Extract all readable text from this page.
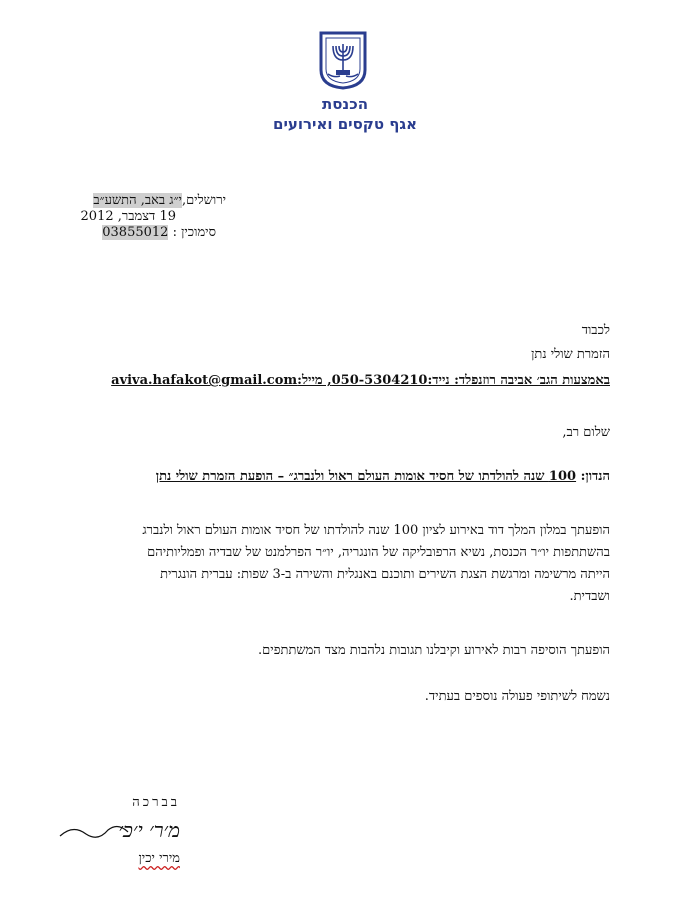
הכנסת
אגף טקסים ואירועים
ירושלים,י״ג באב, התשע״ב
19 דצמבר, 2012
סימוכין : 03855012
לכבוד
הזמרת שולי נתן
באמצעות הגב׳ אביבה רוזנפלד: נייד:050-5304210, מייל:aviva.hafakot@gmail.com
שלום רב,
הנדון: 100 שנה להולדתו של חסיד אומות העולם ראול ולנברג״ – הופעת הזמרת שולי נתן
הופעתך במלון המלך דוד באירוע לציון 100 שנה להולדתו של חסיד אומות העולם ראול ולנברג
בהשתתפות יו״ר הכנסת, נשיא הרפובליקה של הונגריה, יו״ר הפרלמנט של שבדיה ופמליותיהם
הייתה מרשימה ומרגשת הצגת השירים ותוכנם באנגלית והשירה ב-3 שפות: עברית הונגרית
ושבדית.
הופעתך הוסיפה רבות לאירוע וקיבלנו תגובות נלהבות מצד המשתתפים.
נשמח לשיתופי פעולה נוספים בעתיד.
בברכה
מ׳ר׳ י׳כ׳
מירי יכין
